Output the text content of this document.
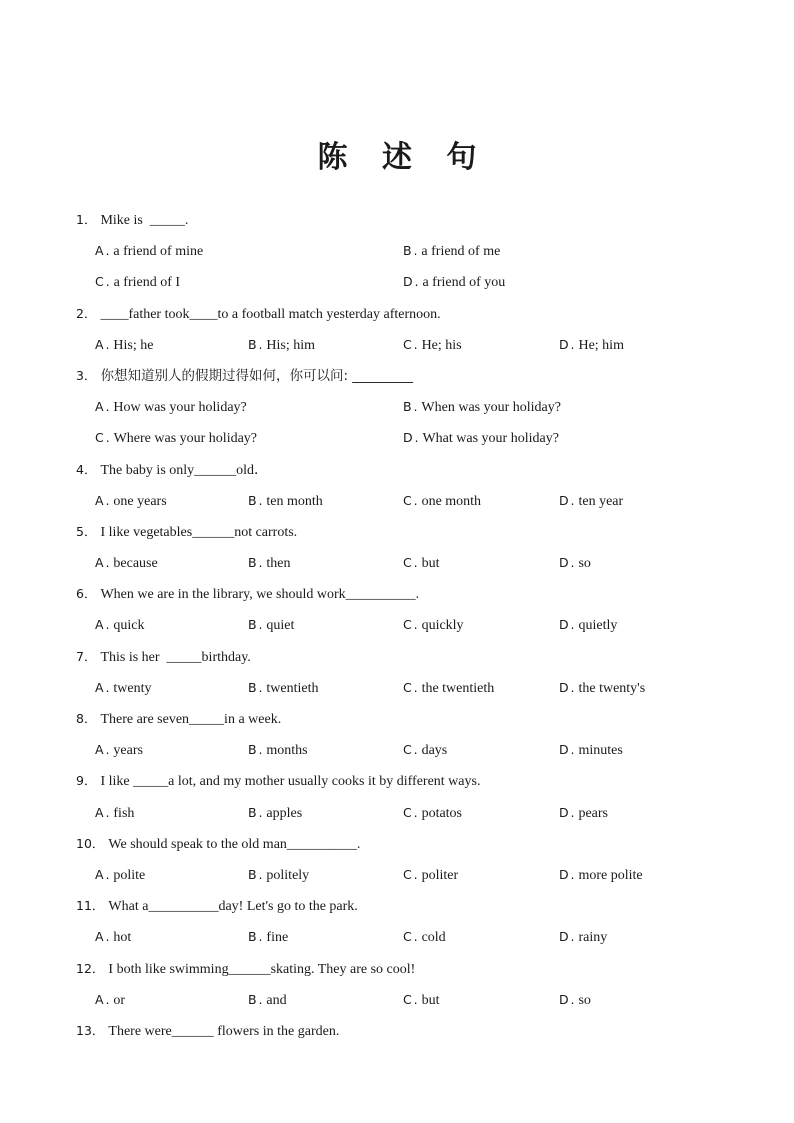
陈 述 句
1． Mike is  _____.
A . a friend of mine	B . a friend of me
C . a friend of I	D . a friend of you
2． ____father took____to a football match yesterday afternoon.
A . His; he	B . His; him	C . He; his	D . He; him
3． 你想知道别人的假期过得如何，你可以问: _________
A . How was your holiday?	B . When was your holiday?
C . Where was your holiday?	D . What was your holiday?
4． The baby is only______old．
A . one years	B . ten month	C . one month	D . ten year
5． I like vegetables______not carrots.
A . because	B . then	C . but	D . so
6． When we are in the library, we should work__________.
A . quick	B . quiet	C . quickly	D . quietly
7． This is her  _____birthday.
A . twenty	B . twentieth	C . the twentieth	D . the twenty's
8． There are seven_____in a week.
A . years	B . months	C . days	D . minutes
9． I like _____a lot, and my mother usually cooks it by different ways.
A . fish	B . apples	C . potatos	D . pears
10． We should speak to the old man__________.
A . polite	B . politely	C . politer	D . more polite
11． What a__________day! Let's go to the park.
A . hot	B . fine	C . cold	D . rainy
12． I both like swimming______skating. They are so cool!
A . or	B . and	C . but	D . so
13． There were______ flowers in the garden.
